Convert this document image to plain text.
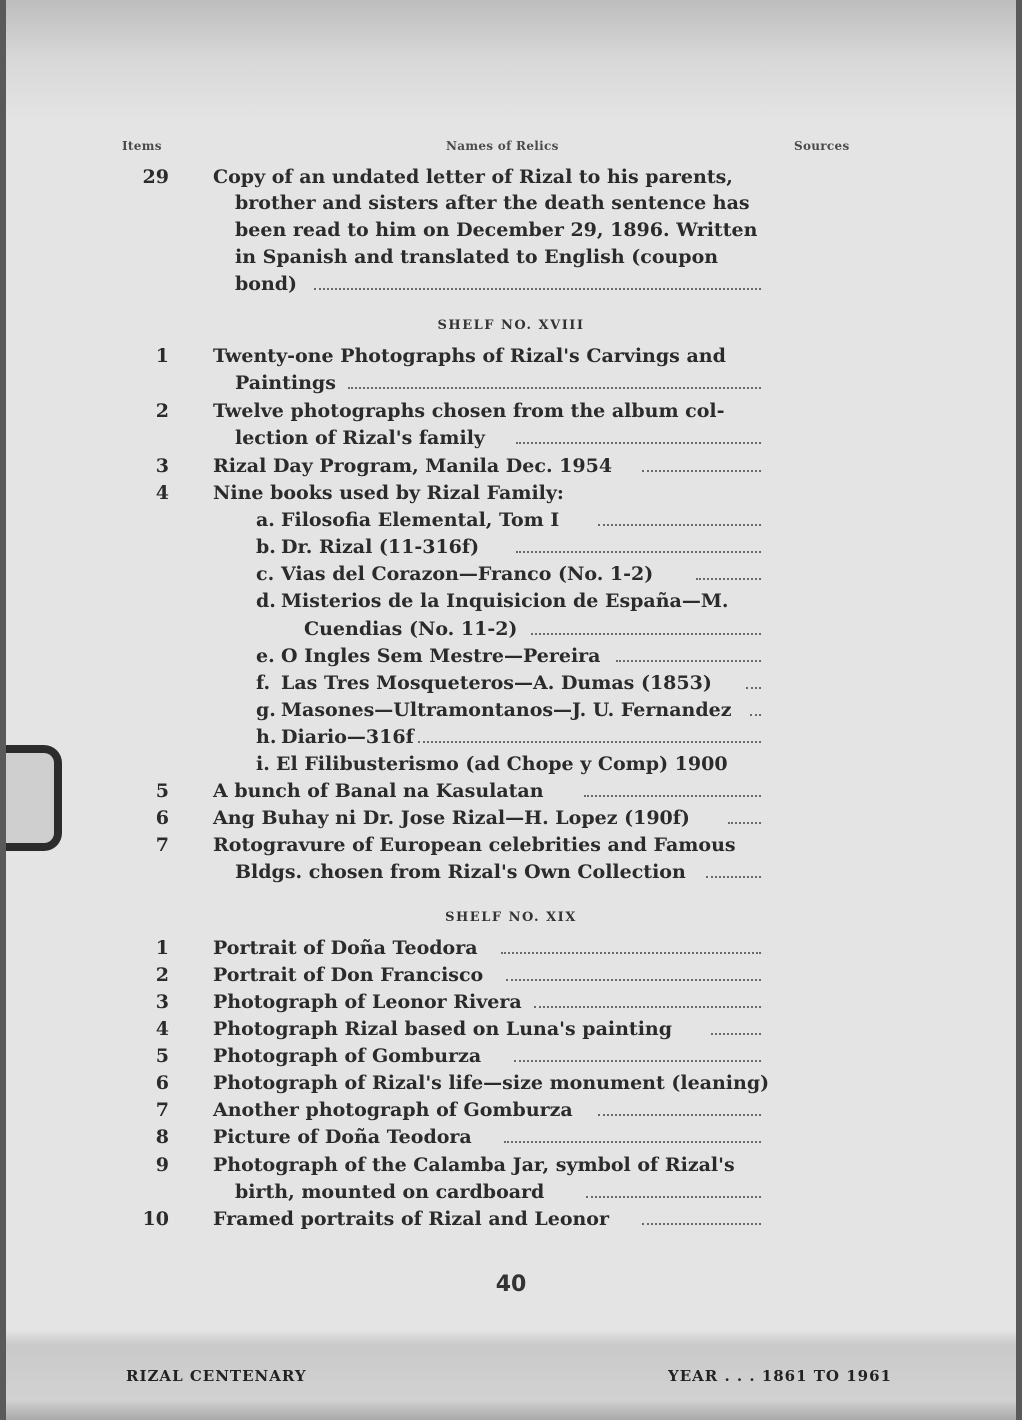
Items	Names of Relics	Sources
29 Copy of an undated letter of Rizal to his parents,
brother and sisters after the death sentence has
been read to him on December 29, 1896. Written
in Spanish and translated to English (coupon
bond)
SHELF NO. XVIII
1 Twenty-one Photographs of Rizal's Carvings and
Paintings
2 Twelve photographs chosen from the album col-
lection of Rizal's family
3 Rizal Day Program, Manila Dec. 1954
4 Nine books used by Rizal Family:
a. Filosofia Elemental, Tom I
b. Dr. Rizal (11-316f)
c. Vias del Corazon—Franco (No. 1-2)
d. Misterios de la Inquisicion de España—M.
Cuendias (No. 11-2)
e. O Ingles Sem Mestre—Pereira
f. Las Tres Mosqueteros—A. Dumas (1853)
g. Masones—Ultramontanos—J. U. Fernandez
h. Diario—316f
i. El Filibusterismo (ad Chope y Comp) 1900
5 A bunch of Banal na Kasulatan
6 Ang Buhay ni Dr. Jose Rizal—H. Lopez (190f)
7 Rotogravure of European celebrities and Famous
Bldgs. chosen from Rizal's Own Collection
SHELF NO. XIX
1 Portrait of Doña Teodora
2 Portrait of Don Francisco
3 Photograph of Leonor Rivera
4 Photograph Rizal based on Luna's painting
5 Photograph of Gomburza
6 Photograph of Rizal's life—size monument (leaning)
7 Another photograph of Gomburza
8 Picture of Doña Teodora
9 Photograph of the Calamba Jar, symbol of Rizal's
birth, mounted on cardboard
10 Framed portraits of Rizal and Leonor
40
RIZAL CENTENARY	YEAR . . . 1861 TO 1961
